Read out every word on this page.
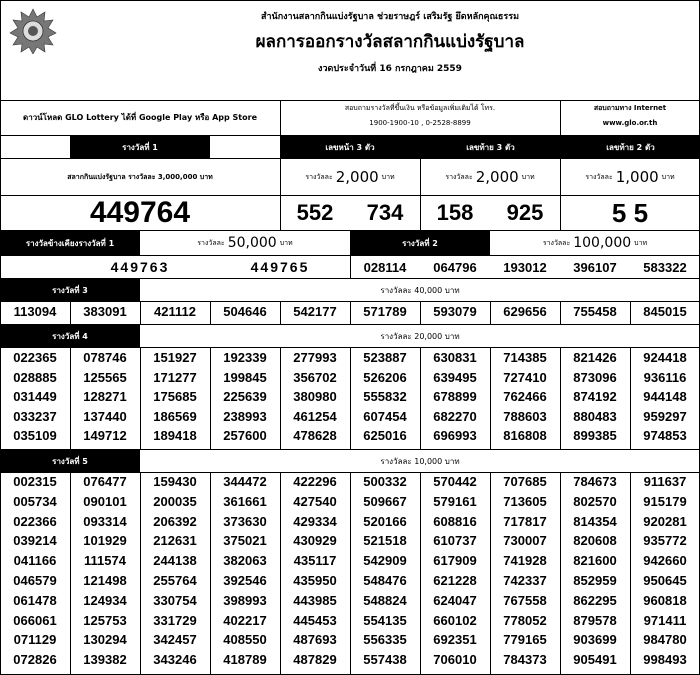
สำนักงานสลากกินแบ่งรัฐบาล ช่วยราษฎร์ เสริมรัฐ ยึดหลักคุณธรรม
ผลการออกรางวัลสลากกินแบ่งรัฐบาล
งวดประจำวันที่ 16 กรกฎาคม 2559
ดาวน์โหลด GLO Lottery ได้ที่ Google Play หรือ App Store
สอบถามรางวัลที่ขึ้นเงิน หรือข้อมูลเพิ่มเติมได้ โทร.
1900-1900-10 , 0-2528-8899
สอบถามทาง Internet
www.glo.or.th
รางวัลที่ 1	เลขหน้า 3 ตัว	เลขท้าย 3 ตัว	เลขท้าย 2 ตัว
สลากกินแบ่งรัฐบาล รางวัลละ 3,000,000 บาท	รางวัลละ 2,000 บาท	รางวัลละ 2,000 บาท	รางวัลละ 1,000 บาท
449764	552	734	158	925	5 5
รางวัลข้างเคียงรางวัลที่ 1	รางวัลละ 50,000 บาท	รางวัลที่ 2	รางวัลละ 100,000 บาท
449763	449765	028114	064796	193012	396107	583322
รางวัลที่ 3	รางวัลละ 40,000 บาท
113094	383091	421112	504646	542177	571789	593079	629656	755458	845015
รางวัลที่ 4	รางวัลละ 20,000 บาท
022365	078746	151927	192339	277993	523887	630831	714385	821426	924418
028885	125565	171277	199845	356702	526206	639495	727410	873096	936116
031449	128271	175685	225639	380980	555832	678899	762466	874192	944148
033237	137440	186569	238993	461254	607454	682270	788603	880483	959297
035109	149712	189418	257600	478628	625016	696993	816808	899385	974853
รางวัลที่ 5	รางวัลละ 10,000 บาท
002315	076477	159430	344472	422296	500332	570442	707685	784673	911637
005734	090101	200035	361661	427540	509667	579161	713605	802570	915179
022366	093314	206392	373630	429334	520166	608816	717817	814354	920281
039214	101929	212631	375021	430929	521518	610737	730007	820608	935772
041166	111574	244138	382063	435117	542909	617909	741928	821600	942660
046579	121498	255764	392546	435950	548476	621228	742337	852959	950645
061478	124934	330754	398993	443985	548824	624047	767558	862295	960818
066061	125753	331729	402217	445453	554135	660102	778052	879578	971411
071129	130294	342457	408550	487693	556335	692351	779165	903699	984780
072826	139382	343246	418789	487829	557438	706010	784373	905491	998493
